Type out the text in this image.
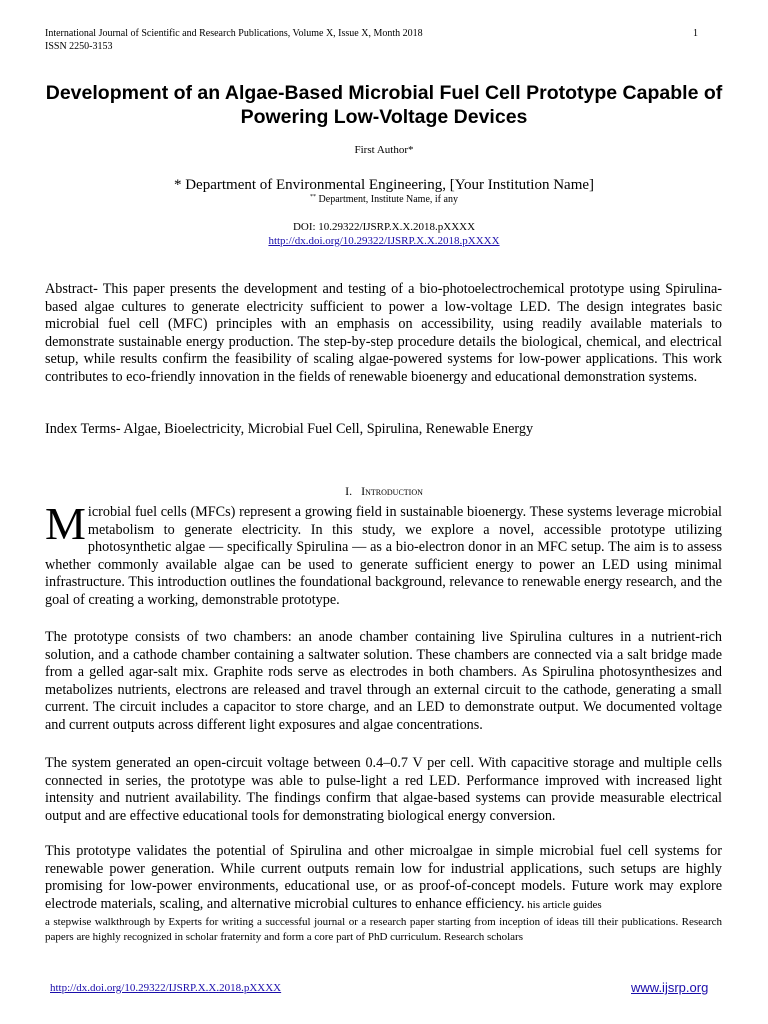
International Journal of Scientific and Research Publications, Volume X, Issue X, Month 2018
ISSN 2250-3153
1
Development of an Algae-Based Microbial Fuel Cell Prototype Capable of Powering Low-Voltage Devices
First Author*
* Department of Environmental Engineering, [Your Institution Name]
** Department, Institute Name, if any
DOI: 10.29322/IJSRP.X.X.2018.pXXXX
http://dx.doi.org/10.29322/IJSRP.X.X.2018.pXXXX

Abstract- This paper presents the development and testing of a bio-photoelectrochemical prototype using Spirulina-based algae cultures to generate electricity sufficient to power a low-voltage LED. The design integrates basic microbial fuel cell (MFC) principles with an emphasis on accessibility, using readily available materials to demonstrate sustainable energy production. The step-by-step procedure details the biological, chemical, and electrical setup, while results confirm the feasibility of scaling algae-powered systems for low-power applications. This work contributes to eco-friendly innovation in the fields of renewable bioenergy and educational demonstration systems.

Index Terms- Algae, Bioelectricity, Microbial Fuel Cell, Spirulina, Renewable Energy

I. Introduction

Microbial fuel cells (MFCs) represent a growing field in sustainable bioenergy. These systems leverage microbial metabolism to generate electricity. In this study, we explore a novel, accessible prototype utilizing photosynthetic algae — specifically Spirulina — as a bio-electron donor in an MFC setup. The aim is to assess whether commonly available algae can be used to generate sufficient energy to power an LED using minimal infrastructure. This introduction outlines the foundational background, relevance to renewable energy research, and the goal of creating a working, demonstrable prototype.

The prototype consists of two chambers: an anode chamber containing live Spirulina cultures in a nutrient-rich solution, and a cathode chamber containing a saltwater solution. These chambers are connected via a salt bridge made from a gelled agar-salt mix. Graphite rods serve as electrodes in both chambers. As Spirulina photosynthesizes and metabolizes nutrients, electrons are released and travel through an external circuit to the cathode, generating a small current. The circuit includes a capacitor to store charge, and an LED to demonstrate output. We documented voltage and current outputs across different light exposures and algae concentrations.

The system generated an open-circuit voltage between 0.4–0.7 V per cell. With capacitive storage and multiple cells connected in series, the prototype was able to pulse-light a red LED. Performance improved with increased light intensity and nutrient availability. The findings confirm that algae-based systems can provide measurable electrical output and are effective educational tools for demonstrating biological energy conversion.

This prototype validates the potential of Spirulina and other microalgae in simple microbial fuel cell systems for renewable power generation. While current outputs remain low for industrial applications, such setups are highly promising for low-power environments, educational use, or as proof-of-concept models. Future work may explore electrode materials, scaling, and alternative microbial cultures to enhance efficiency. his article guides

a stepwise walkthrough by Experts for writing a successful journal or a research paper starting from inception of ideas till their publications. Research papers are highly recognized in scholar fraternity and form a core part of PhD curriculum. Research scholars

http://dx.doi.org/10.29322/IJSRP.X.X.2018.pXXXX	www.ijsrp.org
